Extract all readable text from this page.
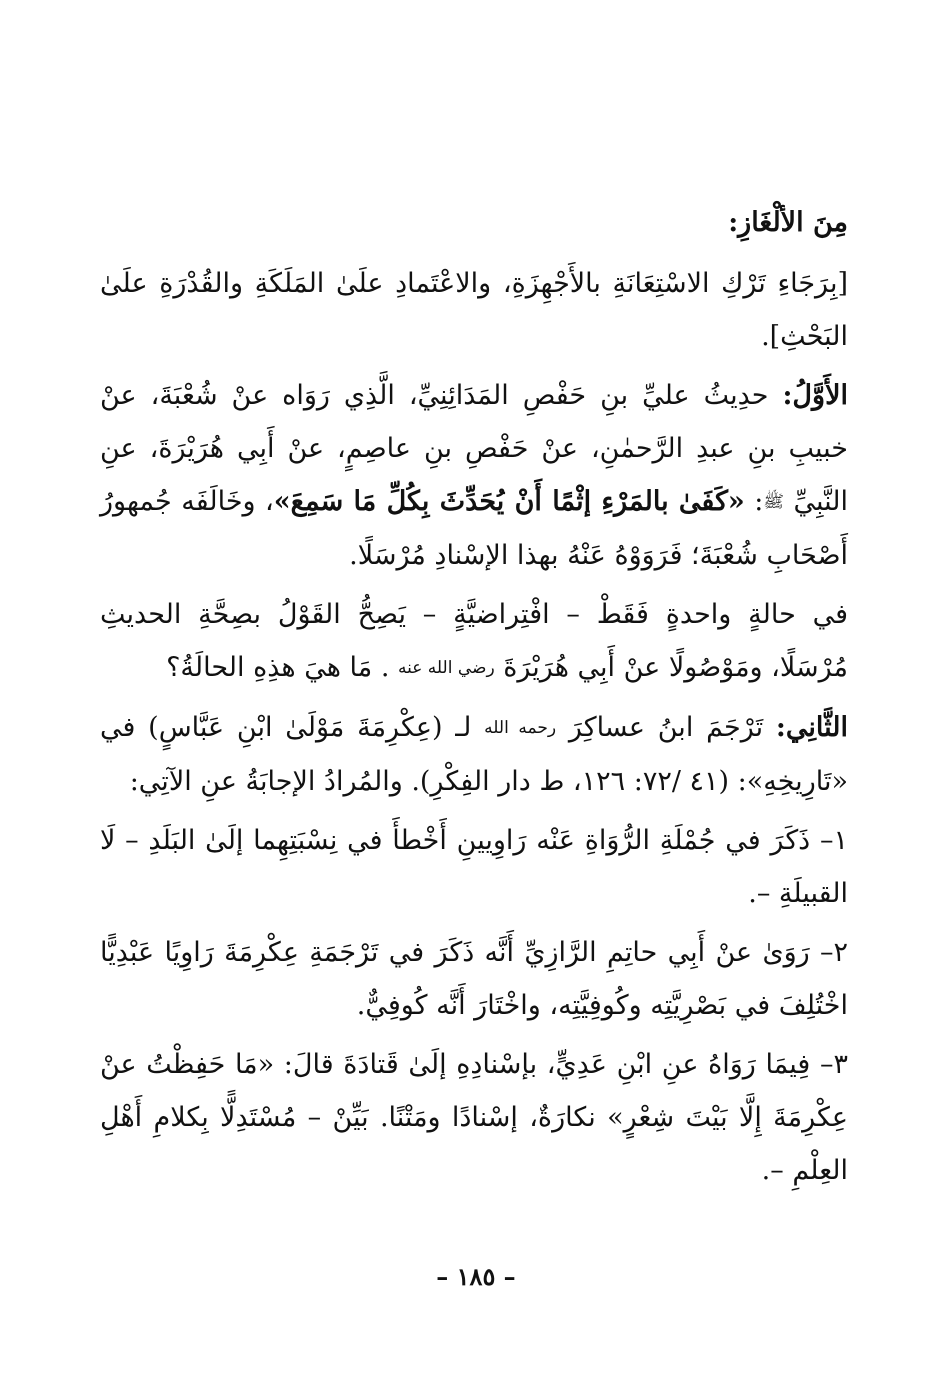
مِنَ الألْغَازِ:

[بِرَجَاءِ تَرْكِ الاسْتِعَانَةِ بالأَجْهِزَةِ، والاعْتَمادِ علَىٰ المَلَكَةِ والقُدْرَةِ علَىٰ البَحْثِ].

الأَوَّلُ: حدِيثُ عليِّ بنِ حَفْصِ المَدَائِنِيِّ، الَّذِي رَوَاه عنْ شُعْبَةَ، عنْ خبيبِ بنِ عبدِ الرَّحمٰنِ، عنْ حَفْصِ بنِ عاصِمٍ، عنْ أَبِي هُرَيْرَةَ، عنِ النَّبِيِّ ﷺ: «كَفَىٰ بالمَرْءِ إثْمًا أَنْ يُحَدِّثَ بِكُلِّ مَا سَمِعَ»، وخَالَفَه جُمهورُ أَصْحَابِ شُعْبَةَ؛ فَرَوَوْهُ عَنْهُ بهذا الإسْنادِ مُرْسَلًا.

في حالةٍ واحدةٍ فَقَطْ – افْتِراضيَّةٍ – يَصِحُّ القَوْلُ بصِحَّةِ الحديثِ مُرْسَلًا، ومَوْصُولًا عنْ أَبِي هُرَيْرَةَ رضي الله عنه . مَا هيَ هذِهِ الحالَةُ؟

الثَّانِي: تَرْجَمَ ابنُ عساكِرَ رحمه الله لـ (عِكْرِمَةَ مَوْلَىٰ ابْنِ عَبَّاسٍ) في «تَارِيخِهِ»: (٤١ /٧٢: ١٢٦، ط دار الفِكْرِ). والمُرادُ الإجابَةُ عنِ الآتِي:

١– ذَكَرَ في جُمْلَةِ الرُّوَاةِ عَنْه رَاوِيينِ أَخْطأَ في نِسْبَتِهِما إلَىٰ البَلَدِ – لَا القبيلَةِ –.

٢– رَوَىٰ عنْ أَبِي حاتِمِ الرَّازِيِّ أَنَّه ذَكَرَ في تَرْجَمَةِ عِكْرِمَةَ رَاوِيًا عَبْدِيًّا اخْتُلِفَ في بَصْرِيَّتِه وكُوفِيَّتِه، واخْتَارَ أَنَّه كُوفِيٌّ.

٣– فِيمَا رَوَاهُ عنِ ابْنِ عَدِيٍّ، بإسْنادِهِ إلَىٰ قَتادَةَ قالَ: «مَا حَفِظْتُ عنْ عِكْرِمَةَ إِلَّا بَيْتَ شِعْرٍ» نكارَةٌ، إسْنادًا ومَتْنًا. بَيِّنْ – مُسْتَدِلًّا بِكلامِ أَهْلِ العِلْمِ –.

– ١٨٥ –
